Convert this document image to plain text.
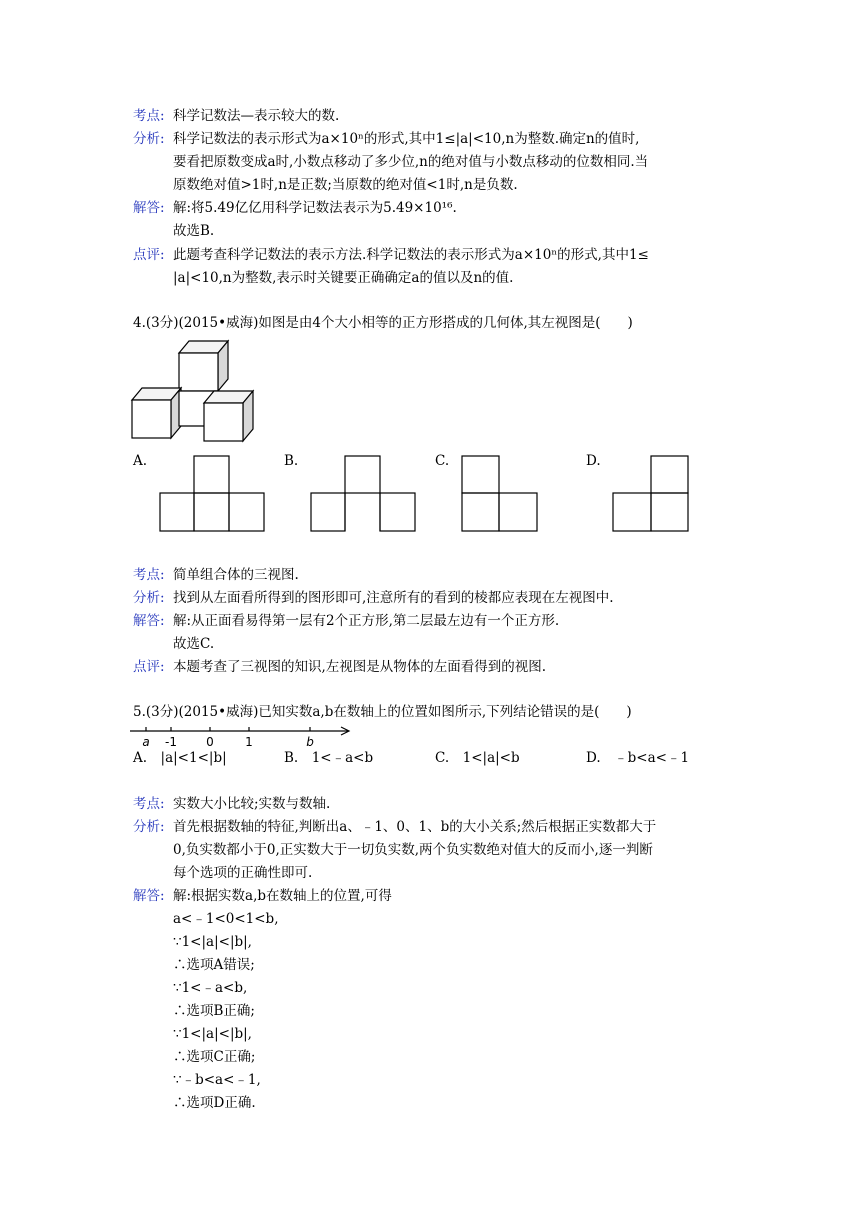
考点: 科学记数法—表示较大的数.
分析: 科学记数法的表示形式为a×10ⁿ的形式,其中1≤|a|<10,n为整数.确定n的值时,
要看把原数变成a时,小数点移动了多少位,n的绝对值与小数点移动的位数相同.当
原数绝对值>1时,n是正数;当原数的绝对值<1时,n是负数.
解答: 解:将5.49亿亿用科学记数法表示为5.49×10¹⁶.
故选B.
点评: 此题考查科学记数法的表示方法.科学记数法的表示形式为a×10ⁿ的形式,其中1≤
|a|<10,n为整数,表示时关键要正确确定a的值以及n的值.
4.(3分)(2015•威海)如图是由4个大小相等的正方形搭成的几何体,其左视图是(　　)
A.	B.	C.	D.
考点: 简单组合体的三视图.
分析: 找到从左面看所得到的图形即可,注意所有的看到的棱都应表现在左视图中.
解答: 解:从正面看易得第一层有2个正方形,第二层最左边有一个正方形.
故选C.
点评: 本题考查了三视图的知识,左视图是从物体的左面看得到的视图.
5.(3分)(2015•威海)已知实数a,b在数轴上的位置如图所示,下列结论错误的是(　　)
a -1 0	1	b
A.　|a|<1<|b|	B.　1<﹣a<b	C.　1<|a|<b	D.　﹣b<a<﹣1
考点: 实数大小比较;实数与数轴.
分析: 首先根据数轴的特征,判断出a、﹣1、0、1、b的大小关系;然后根据正实数都大于
0,负实数都小于0,正实数大于一切负实数,两个负实数绝对值大的反而小,逐一判断
每个选项的正确性即可.
解答: 解:根据实数a,b在数轴上的位置,可得
a<﹣1<0<1<b,
∵1<|a|<|b|,
∴选项A错误;
∵1<﹣a<b,
∴选项B正确;
∵1<|a|<|b|,
∴选项C正确;
∵﹣b<a<﹣1,
∴选项D正确.
